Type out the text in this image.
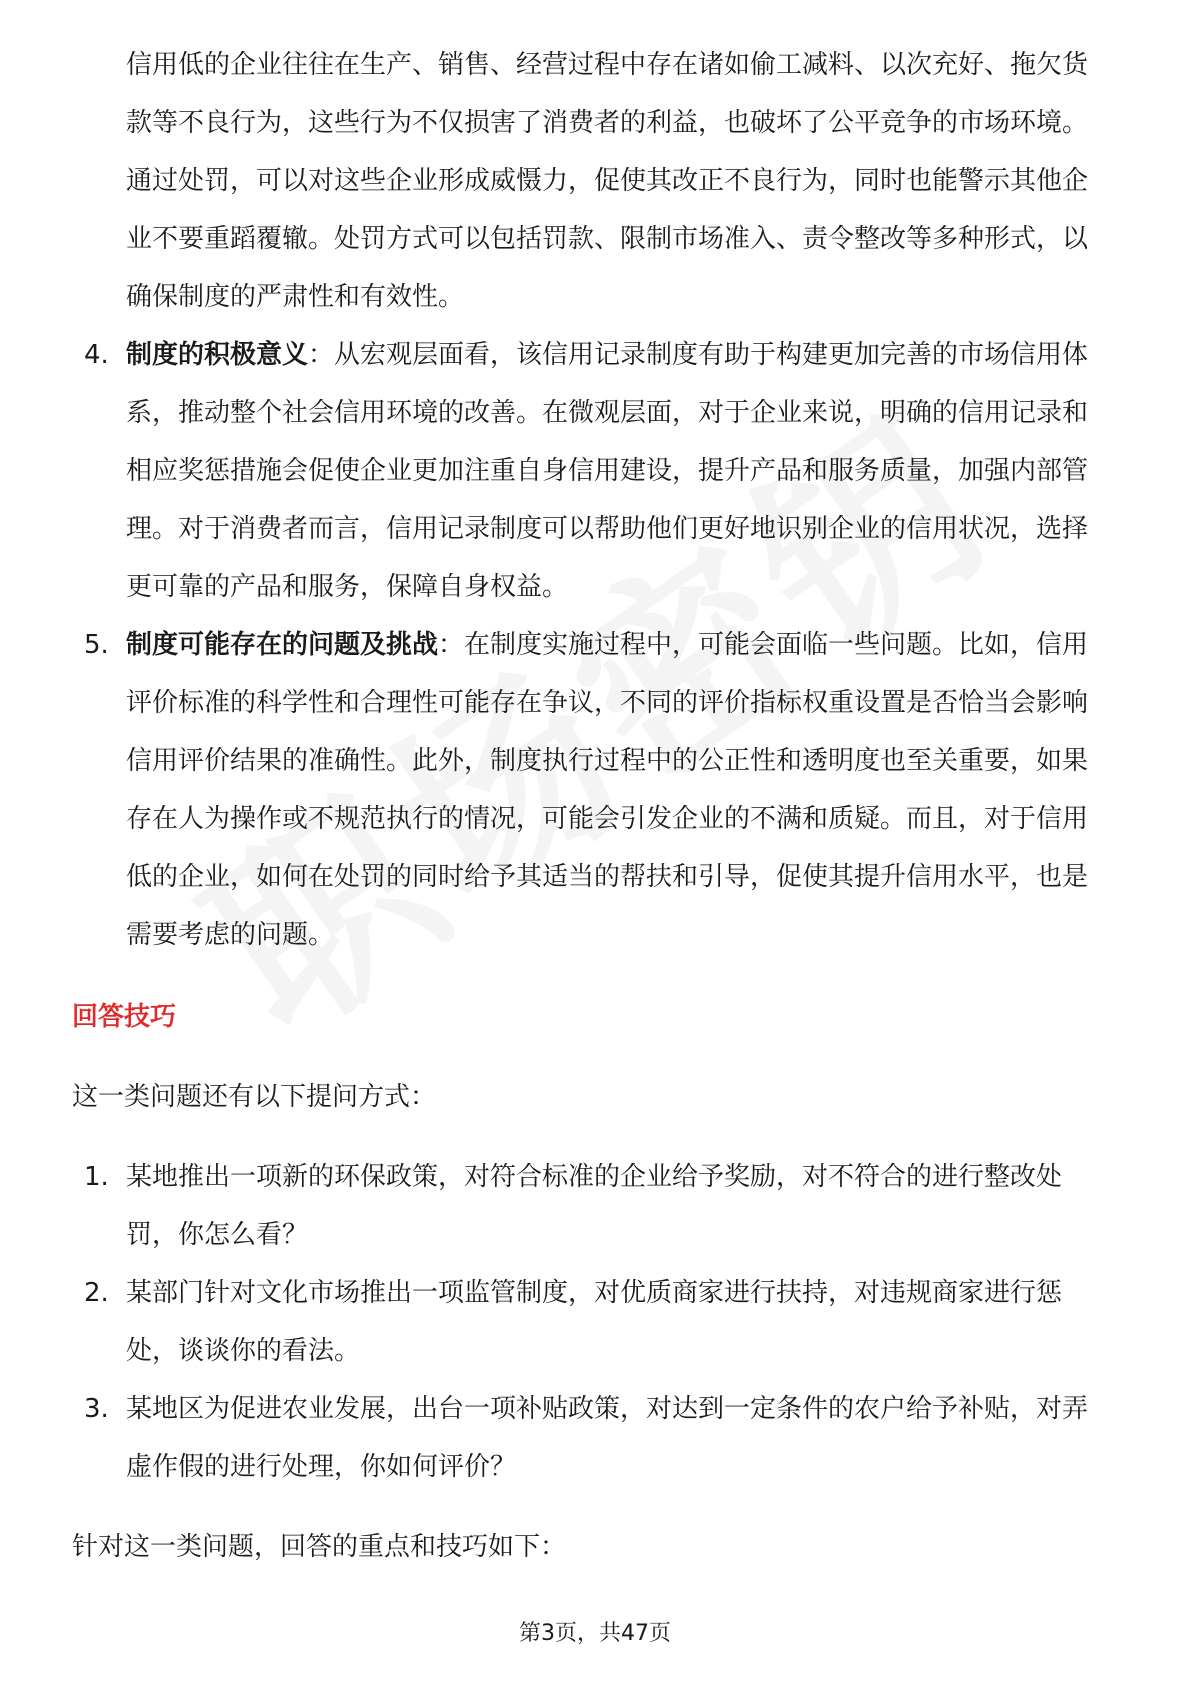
信用低的企业往往在生产、销售、经营过程中存在诸如偷工减料、以次充好、拖欠货款等不良行为，这些行为不仅损害了消费者的利益，也破坏了公平竞争的市场环境。通过处罚，可以对这些企业形成威慑力，促使其改正不良行为，同时也能警示其他企业不要重蹈覆辙。处罚方式可以包括罚款、限制市场准入、责令整改等多种形式，以确保制度的严肃性和有效性。
4. 制度的积极意义：从宏观层面看，该信用记录制度有助于构建更加完善的市场信用体系，推动整个社会信用环境的改善。在微观层面，对于企业来说，明确的信用记录和相应奖惩措施会促使企业更加注重自身信用建设，提升产品和服务质量，加强内部管理。对于消费者而言，信用记录制度可以帮助他们更好地识别企业的信用状况，选择更可靠的产品和服务，保障自身权益。
5. 制度可能存在的问题及挑战：在制度实施过程中，可能会面临一些问题。比如，信用评价标准的科学性和合理性可能存在争议，不同的评价指标权重设置是否恰当会影响信用评价结果的准确性。此外，制度执行过程中的公正性和透明度也至关重要，如果存在人为操作或不规范执行的情况，可能会引发企业的不满和质疑。而且，对于信用低的企业，如何在处罚的同时给予其适当的帮扶和引导，促使其提升信用水平，也是需要考虑的问题。
回答技巧
这一类问题还有以下提问方式：
1. 某地推出一项新的环保政策，对符合标准的企业给予奖励，对不符合的进行整改处罚，你怎么看？
2. 某部门针对文化市场推出一项监管制度，对优质商家进行扶持，对违规商家进行惩处，谈谈你的看法。
3. 某地区为促进农业发展，出台一项补贴政策，对达到一定条件的农户给予补贴，对弄虚作假的进行处理，你如何评价？
针对这一类问题，回答的重点和技巧如下：
第3页，共47页
